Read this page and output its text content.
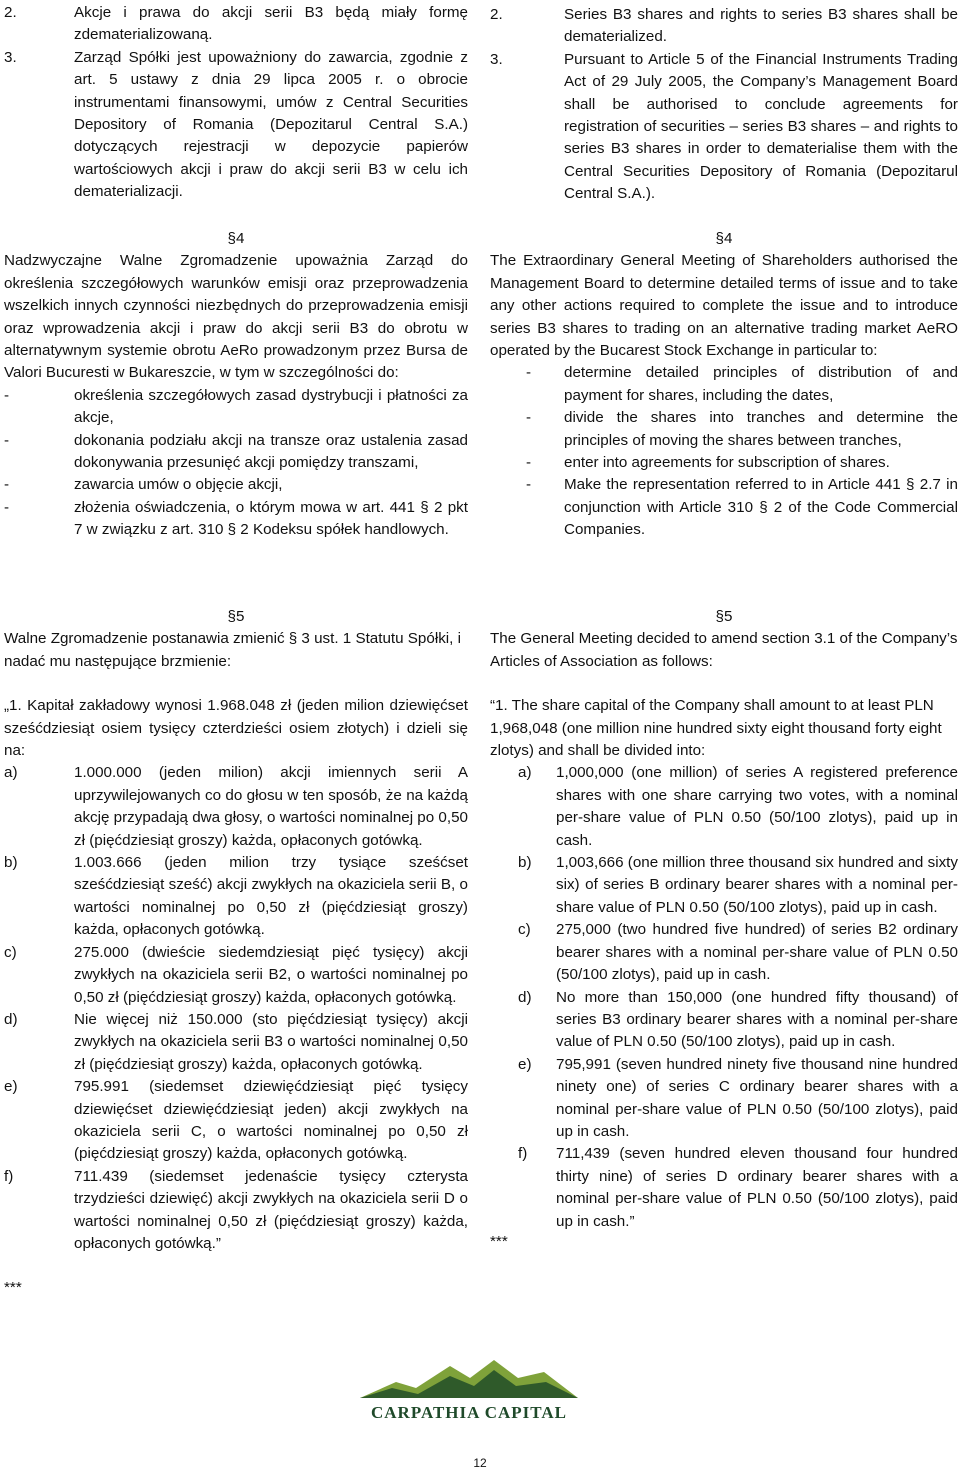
2.	Akcje i prawa do akcji serii B3 będą miały formę zdematerializowaną.
3.	Zarząd Spółki jest upoważniony do zawarcia, zgodnie z art. 5 ustawy z dnia 29 lipca 2005 r. o obrocie instrumentami finansowymi, umów z Central Securities Depository of Romania (Depozitarul Central S.A.) dotyczących rejestracji w depozycie papierów wartościowych akcji i praw do akcji serii B3 w celu ich dematerializacji.
2.	Series B3 shares and rights to series B3 shares shall be dematerialized.
3.	Pursuant to Article 5 of the Financial Instruments Trading Act of 29 July 2005, the Company’s Management Board shall be authorised to conclude agreements for registration of securities – series B3 shares – and rights to series B3 shares in order to dematerialise them with the Central Securities Depository of Romania (Depozitarul Central S.A.).

§4

Nadzwyczajne Walne Zgromadzenie upoważnia Zarząd do określenia szczegółowych warunków emisji oraz przeprowadzenia wszelkich innych czynności niezbędnych do przeprowadzenia emisji oraz wprowadzenia akcji i praw do akcji serii B3 do obrotu w alternatywnym systemie obrotu AeRo prowadzonym przez Bursa de Valori Bucuresti w Bukareszcie, w tym w szczególności do:

-	określenia szczegółowych zasad dystrybucji i płatności za akcje,
-	dokonania podziału akcji na transze oraz ustalenia zasad dokonywania przesunięć akcji pomiędzy transzami,
-	zawarcia umów o objęcie akcji,
-	złożenia oświadczenia, o którym mowa w art. 441 § 2 pkt 7 w związku z art. 310 § 2 Kodeksu spółek handlowych.

§4

The Extraordinary General Meeting of Shareholders authorised the Management Board to determine detailed terms of issue and to take any other actions required to complete the issue and to introduce series B3 shares to trading on an alternative trading market AeRO operated by the Bucarest Stock Exchange in particular to:

-	determine detailed principles of distribution of and payment for shares, including the dates,
-	divide the shares into tranches and determine the principles of moving the shares between tranches,
-	enter into agreements for subscription of shares.
-	Make the representation referred to in Article 441 § 2.7 in conjunction with Article 310 § 2 of the Code Commercial Companies.

§5

Walne Zgromadzenie postanawia zmienić § 3 ust. 1 Statutu Spółki, i nadać mu następujące brzmienie:

„1. Kapitał zakładowy wynosi 1.968.048 zł (jeden milion dziewięćset sześćdziesiąt osiem tysięcy czterdzieści osiem złotych) i dzieli się na:

a)	1.000.000 (jeden milion) akcji imiennych serii A uprzywilejowanych co do głosu w ten sposób, że na każdą akcję przypadają dwa głosy, o wartości nominalnej po 0,50 zł (pięćdziesiąt groszy) każda, opłaconych gotówką.
b)	1.003.666 (jeden milion trzy tysiące sześćset sześćdziesiąt sześć) akcji zwykłych na okaziciela serii B, o wartości nominalnej po 0,50 zł (pięćdziesiąt groszy) każda, opłaconych gotówką.
c)	275.000 (dwieście siedemdziesiąt pięć tysięcy) akcji zwykłych na okaziciela serii B2, o wartości nominalnej po 0,50 zł (pięćdziesiąt groszy) każda, opłaconych gotówką.
d)	Nie więcej niż 150.000 (sto pięćdziesiąt tysięcy) akcji zwykłych na okaziciela serii B3 o wartości nominalnej 0,50 zł (pięćdziesiąt groszy) każda, opłaconych gotówką.
e)	795.991 (siedemset dziewięćdziesiąt pięć tysięcy dziewięćset dziewięćdziesiąt jeden) akcji zwykłych na okaziciela serii C, o wartości nominalnej po 0,50 zł (pięćdziesiąt groszy) każda, opłaconych gotówką.
f)	711.439 (siedemset jedenaście tysięcy czterysta trzydzieści dziewięć) akcji zwykłych na okaziciela serii D o wartości nominalnej 0,50 zł (pięćdziesiąt groszy) każda, opłaconych gotówką.”

***

§5

The General Meeting decided to amend section 3.1 of the Company’s Articles of Association as follows:

“1. The share capital of the Company shall amount to at least PLN 1,968,048 (one million nine hundred sixty eight thousand forty eight zlotys) and shall be divided into:

a)	1,000,000 (one million) of series A registered preference shares with one share carrying two votes, with a nominal per-share value of PLN 0.50 (50/100 zlotys), paid up in cash.
b)	1,003,666 (one million three thousand six hundred and sixty six) of series B ordinary bearer shares with a nominal per-share value of PLN 0.50 (50/100 zlotys), paid up in cash.
c)	275,000 (two hundred five hundred) of series B2 ordinary bearer shares with a nominal per-share value of PLN 0.50 (50/100 zlotys), paid up in cash.
d)	No more than 150,000 (one hundred fifty thousand) of series B3 ordinary bearer shares with a nominal per-share value of PLN 0.50 (50/100 zlotys), paid up in cash.
e)	795,991 (seven hundred ninety five thousand nine hundred ninety one) of series C ordinary bearer shares with a nominal per-share value of PLN 0.50 (50/100 zlotys), paid up in cash.
f)	711,439 (seven hundred eleven thousand four hundred thirty nine) of series D ordinary bearer shares with a nominal per-share value of PLN 0.50 (50/100 zlotys), paid up in cash.”

***

CARPATHIA CAPITAL
12
